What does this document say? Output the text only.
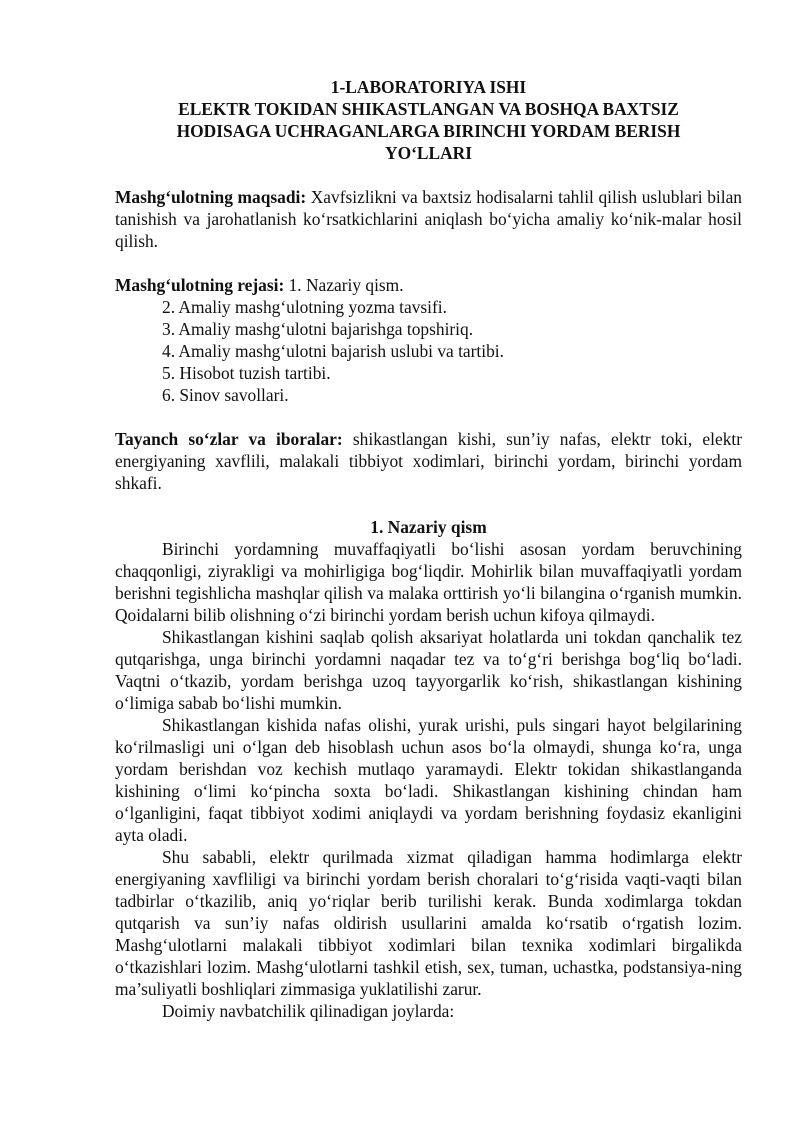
1-LABORATORIYA ISHI
ELEKTR TOKIDAN SHIKASTLANGAN VA BOSHQA BAXTSIZ
HODISAGA UCHRAGANLARGA BIRINCHI YORDAM BERISH
YO‘LLARI

Mashg‘ulotning maqsadi: Xavfsizlikni va baxtsiz hodisalarni tahlil qilish uslublari bilan tanishish va jarohatlanish ko‘rsatkichlarini aniqlash bo‘yicha amaliy ko‘nik-malar hosil qilish.

Mashg‘ulotning rejasi: 1. Nazariy qism.

2. Amaliy mashg‘ulotning yozma tavsifi.
3. Amaliy mashg‘ulotni bajarishga topshiriq.
4. Amaliy mashg‘ulotni bajarish uslubi va tartibi.
5. Hisobot tuzish tartibi.
6. Sinov savollari.

Tayanch so‘zlar va iboralar: shikastlangan kishi, sun’iy nafas, elektr toki, elektr energiyaning xavflili, malakali tibbiyot xodimlari, birinchi yordam, birinchi yordam shkafi.

1. Nazariy qism

Birinchi yordamning muvaffaqiyatli bo‘lishi asosan yordam beruvchining chaqqonligi, ziyrakligi va mohirligiga bog‘liqdir. Mohirlik bilan muvaffaqiyatli yordam berishni tegishlicha mashqlar qilish va malaka orttirish yo‘li bilangina o‘rganish mumkin. Qoidalarni bilib olishning o‘zi birinchi yordam berish uchun kifoya qilmaydi.

Shikastlangan kishini saqlab qolish aksariyat holatlarda uni tokdan qanchalik tez qutqarishga, unga birinchi yordamni naqadar tez va to‘g‘ri berishga bog‘liq bo‘ladi. Vaqtni o‘tkazib, yordam berishga uzoq tayyorgarlik ko‘rish, shikastlangan kishining o‘limiga sabab bo‘lishi mumkin.

Shikastlangan kishida nafas olishi, yurak urishi, puls singari hayot belgilarining ko‘rilmasligi uni o‘lgan deb hisoblash uchun asos bo‘la olmaydi, shunga ko‘ra, unga yordam berishdan voz kechish mutlaqo yaramaydi. Elektr tokidan shikastlanganda kishining o‘limi ko‘pincha soxta bo‘ladi. Shikastlangan kishining chindan ham o‘lganligini, faqat tibbiyot xodimi aniqlaydi va yordam berishning foydasiz ekanligini ayta oladi.

Shu sababli, elektr qurilmada xizmat qiladigan hamma hodimlarga elektr energiyaning xavfliligi va birinchi yordam berish choralari to‘g‘risida vaqti-vaqti bilan tadbirlar o‘tkazilib, aniq yo‘riqlar berib turilishi kerak. Bunda xodimlarga tokdan qutqarish va sun’iy nafas oldirish usullarini amalda ko‘rsatib o‘rgatish lozim. Mashg‘ulotlarni malakali tibbiyot xodimlari bilan texnika xodimlari birgalikda o‘tkazishlari lozim. Mashg‘ulotlarni tashkil etish, sex, tuman, uchastka, podstansiya-ning ma’suliyatli boshliqlari zimmasiga yuklatilishi zarur.

Doimiy navbatchilik qilinadigan joylarda:
